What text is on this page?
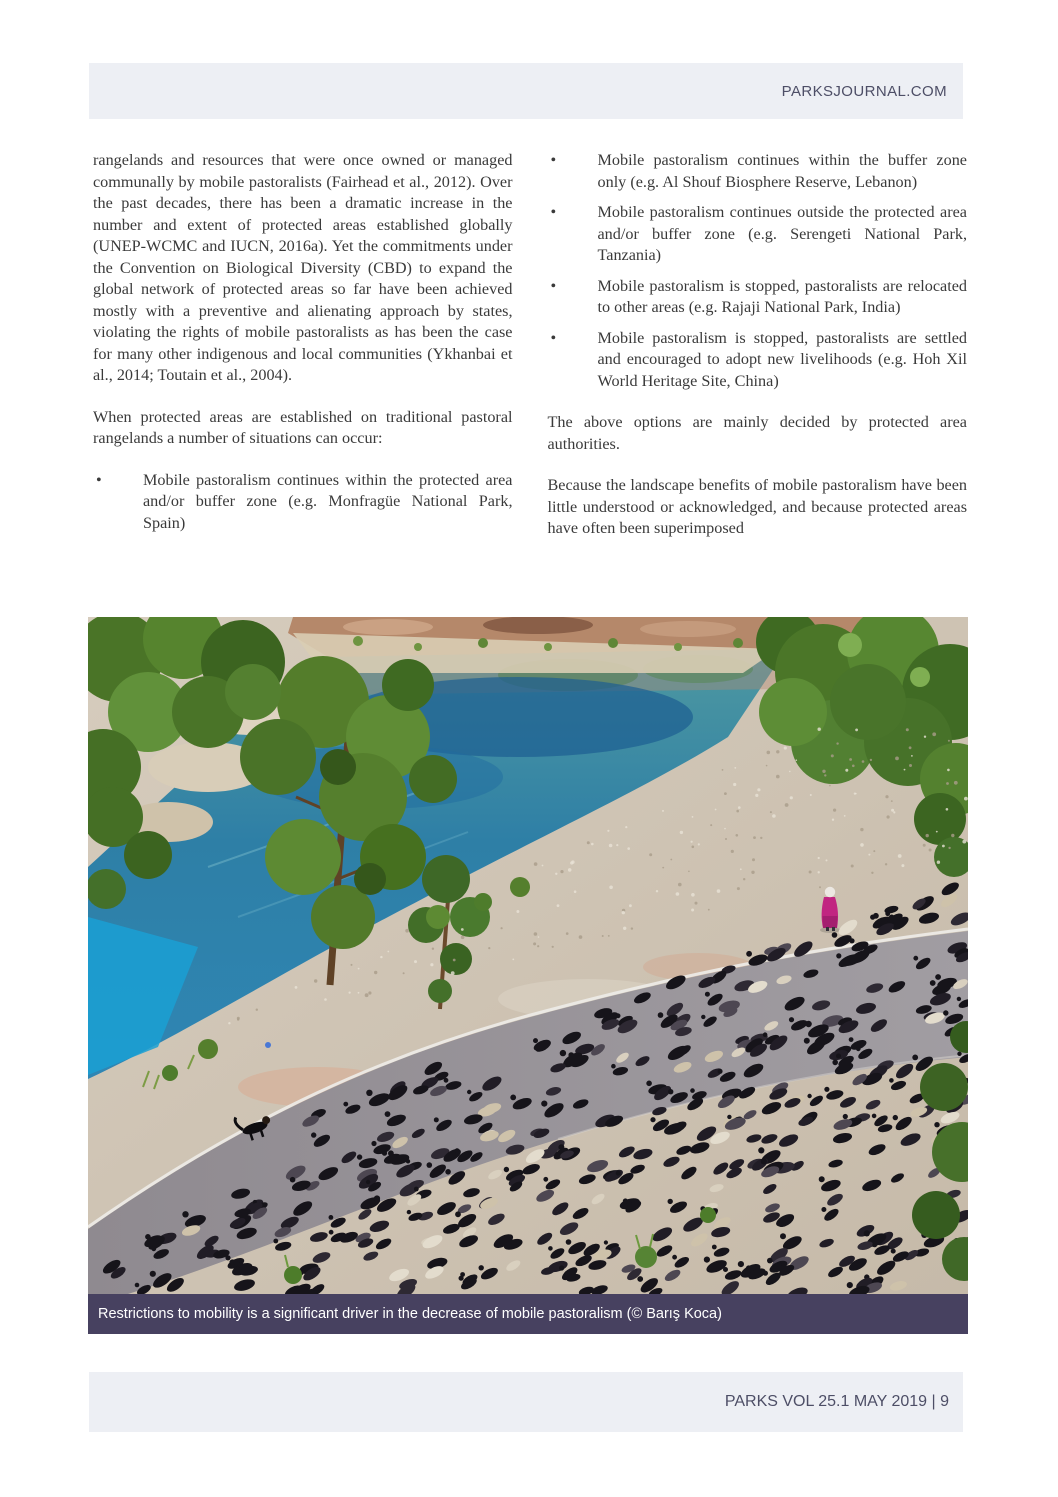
PARKSJOURNAL.COM

rangelands and resources that were once owned or managed communally by mobile pastoralists (Fairhead et al., 2012). Over the past decades, there has been a dramatic increase in the number and extent of protected areas established globally (UNEP-WCMC and IUCN, 2016a). Yet the commitments under the Convention on Biological Diversity (CBD) to expand the global network of protected areas so far have been achieved mostly with a preventive and alienating approach by states, violating the rights of mobile pastoralists as has been the case for many other indigenous and local communities (Ykhanbai et al., 2014; Toutain et al., 2004).

When protected areas are established on traditional pastoral rangelands a number of situations can occur:

•	Mobile pastoralism continues within the protected area and/or buffer zone (e.g. Monfragüe National Park, Spain)
•	Mobile pastoralism continues within the buffer zone only (e.g. Al Shouf Biosphere Reserve, Lebanon)
•	Mobile pastoralism continues outside the protected area and/or buffer zone (e.g. Serengeti National Park, Tanzania)
•	Mobile pastoralism is stopped, pastoralists are relocated to other areas (e.g. Rajaji National Park, India)
•	Mobile pastoralism is stopped, pastoralists are settled and encouraged to adopt new livelihoods (e.g. Hoh Xil World Heritage Site, China)

The above options are mainly decided by protected area authorities.

Because the landscape benefits of mobile pastoralism have been little understood or acknowledged, and because protected areas have often been superimposed

Restrictions to mobility is a significant driver in the decrease of mobile pastoralism (© Barış Koca)
PARKS VOL 25.1 MAY 2019 | 9
